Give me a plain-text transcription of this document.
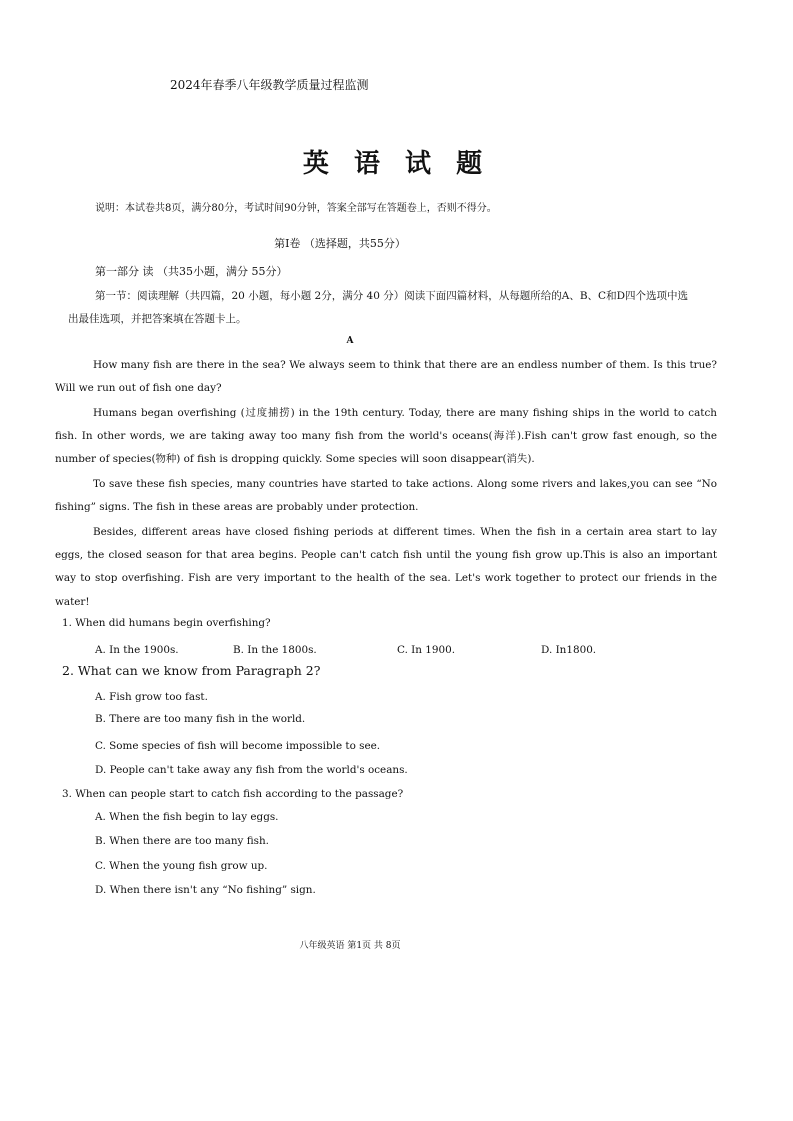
2024年春季八年级教学质量过程监测
英 语 试 题
说明：本试卷共8页，满分80分，考试时间90分钟，答案全部写在答题卷上，否则不得分。
第Ⅰ卷 （选择题，共55分）
第一部分 读 （共35小题，满分 55分）
第一节：阅读理解（共四篇，20 小题，每小题 2分，满分 40 分）阅读下面四篇材料，从每题所给的A、B、C和D四个选项中选
出最佳选项，并把答案填在答题卡上。
A

How many fish are there in the sea? We always seem to think that there are an endless number of them. Is this true? Will we run out of fish one day?

Humans began overfishing (过度捕捞) in the 19th century. Today, there are many fishing ships in the world to catch fish. In other words, we are taking away too many fish from the world's oceans(海洋).Fish can't grow fast enough, so the number of species(物种) of fish is dropping quickly. Some species will soon disappear(消失).

To save these fish species, many countries have started to take actions. Along some rivers and lakes,you can see “No fishing” signs. The fish in these areas are probably under protection.

Besides, different areas have closed fishing periods at different times. When the fish in a certain area start to lay eggs, the closed season for that area begins. People can't catch fish until the young fish grow up.This is also an important way to stop overfishing. Fish are very important to the health of the sea. Let's work together to protect our friends in the water!

1. When did humans begin overfishing?
A. In the 1900s.	B. In the 1800s.	C. In 1900.	D. In1800.
2. What can we know from Paragraph 2?
A. Fish grow too fast.
B. There are too many fish in the world.
C. Some species of fish will become impossible to see.
D. People can't take away any fish from the world's oceans.
3. When can people start to catch fish according to the passage?
A. When the fish begin to lay eggs.
B. When there are too many fish.
C. When the young fish grow up.
D. When there isn't any “No fishing” sign.
八年级英语 第1页 共 8页
